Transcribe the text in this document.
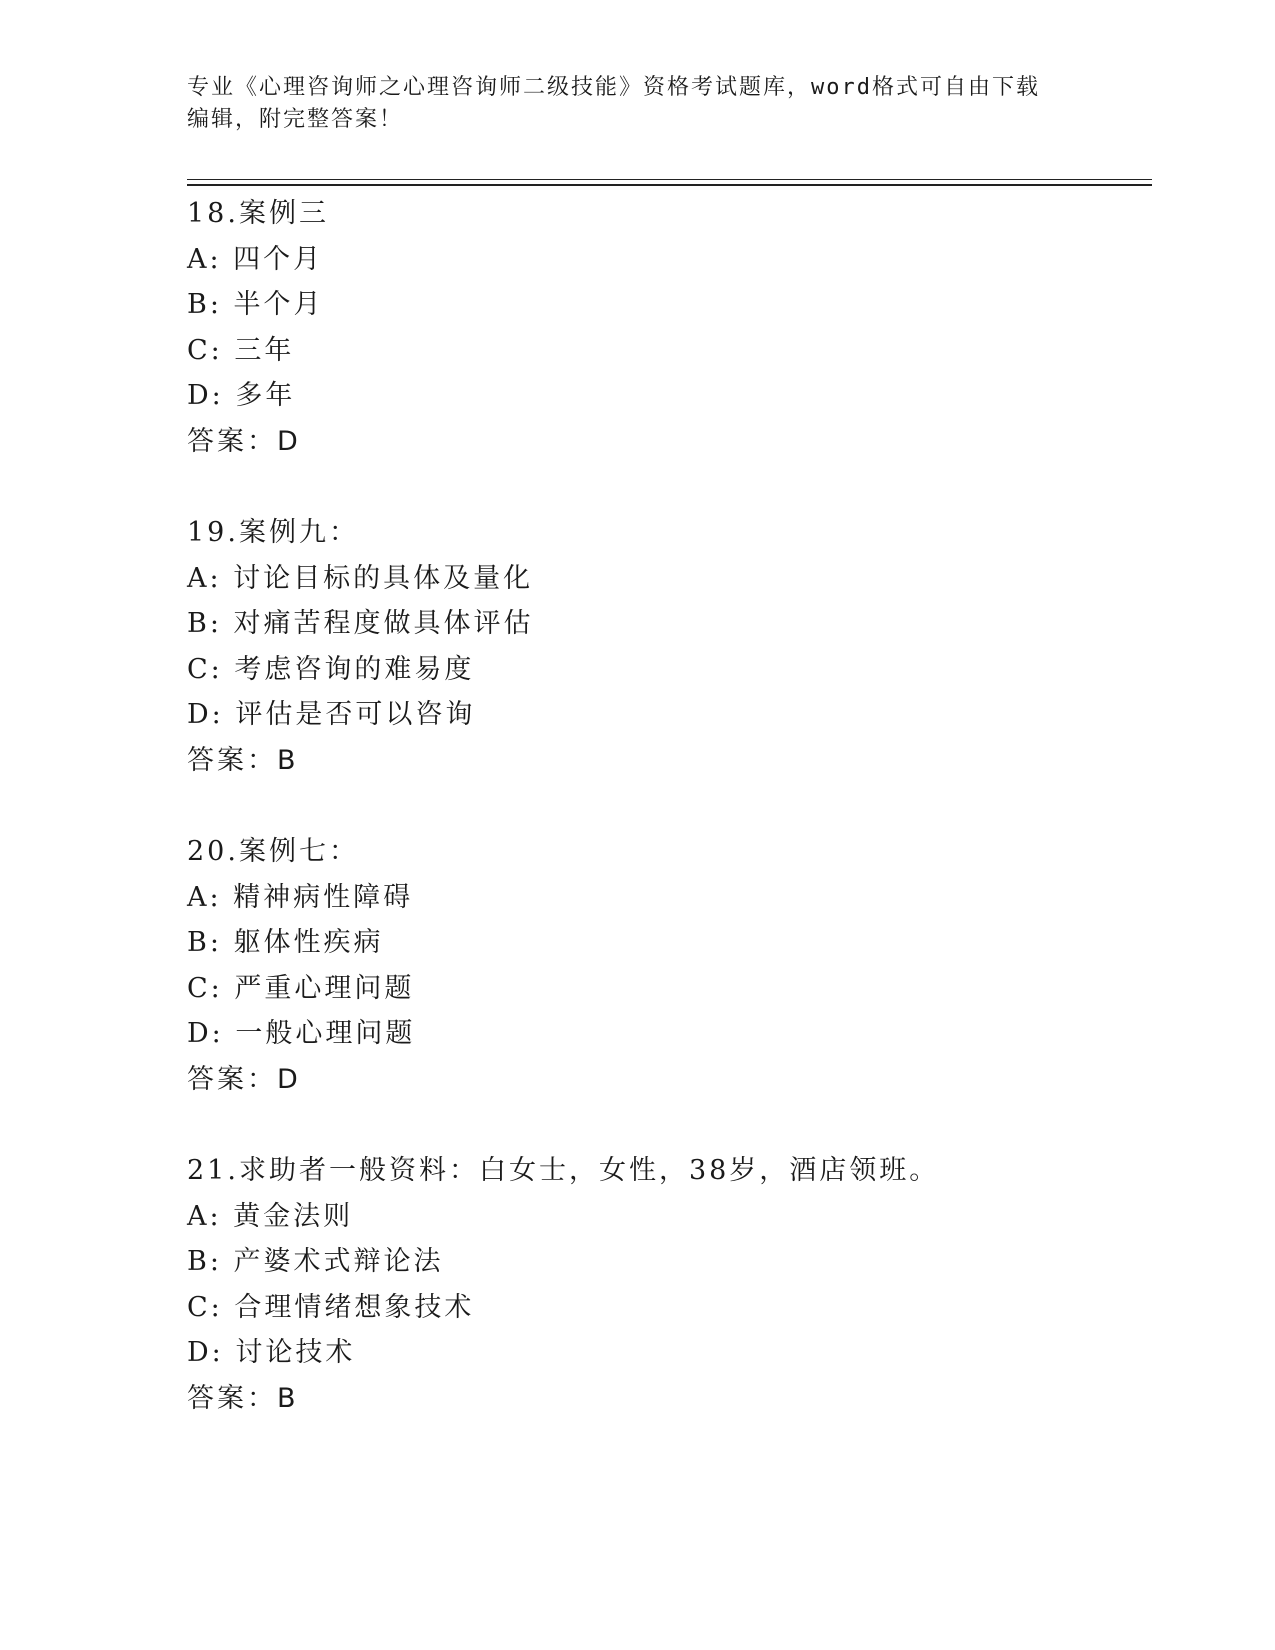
专业《心理咨询师之心理咨询师二级技能》资格考试题库，word格式可自由下载
编辑，附完整答案！
18.案例三
A: 四个月
B: 半个月
C: 三年
D: 多年
答案：D
19.案例九：
A: 讨论目标的具体及量化
B: 对痛苦程度做具体评估
C: 考虑咨询的难易度
D: 评估是否可以咨询
答案：B
20.案例七：
A: 精神病性障碍
B: 躯体性疾病
C: 严重心理问题
D: 一般心理问题
答案：D
21.求助者一般资料：白女士，女性，38岁，酒店领班。
A: 黄金法则
B: 产婆术式辩论法
C: 合理情绪想象技术
D: 讨论技术
答案：B
